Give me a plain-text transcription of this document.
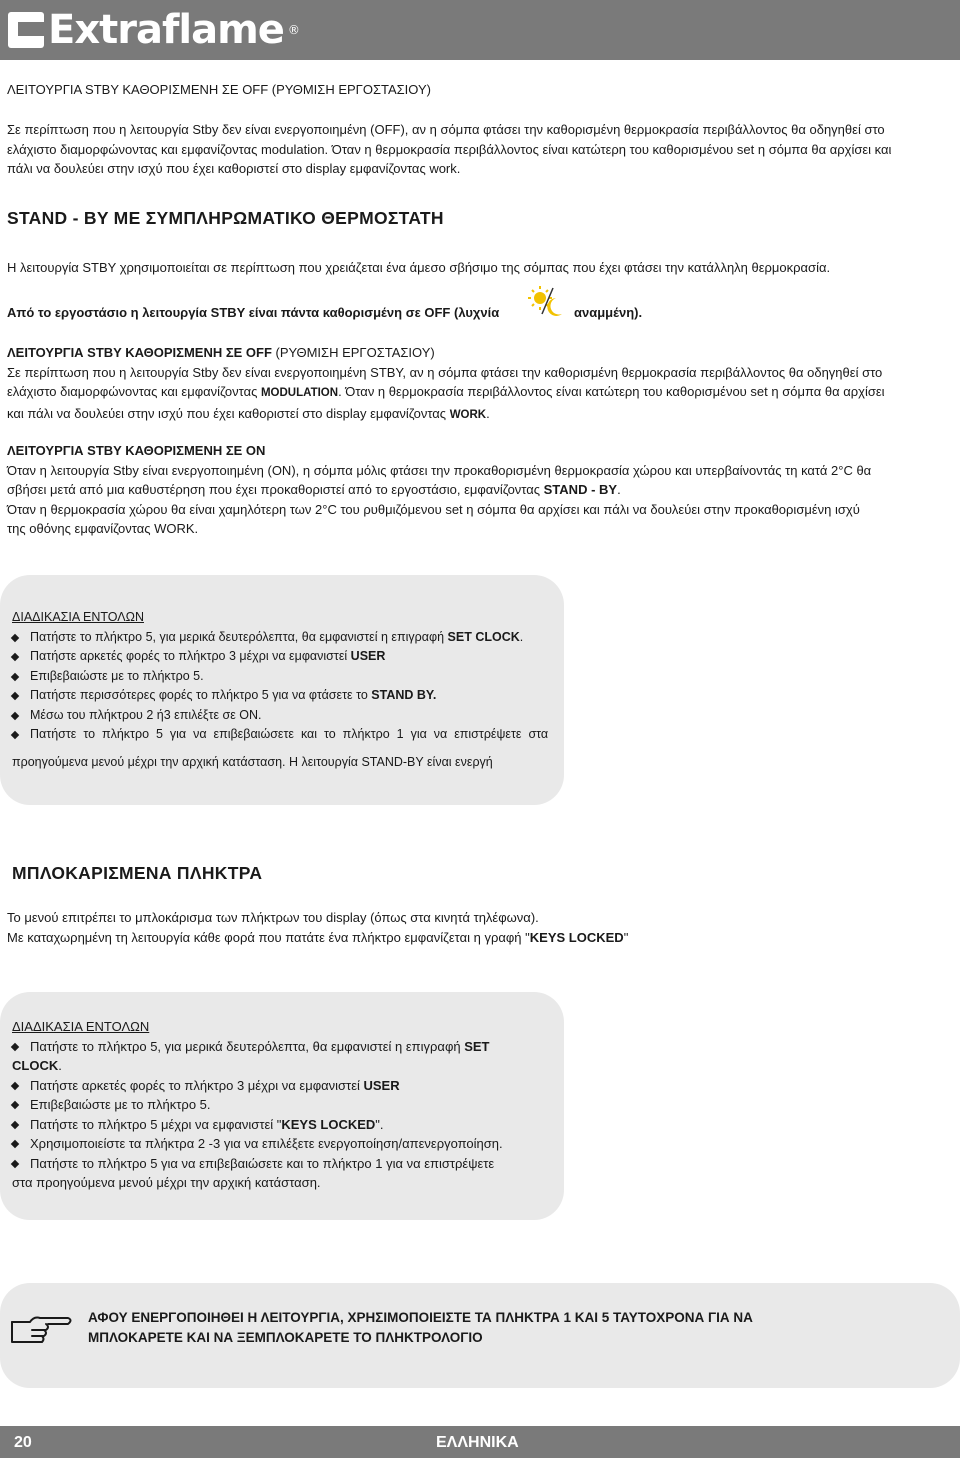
Extraflame ®
ΛΕΙΤΟΥΡΓΙΑ STBY ΚΑΘΟΡΙΣΜΕΝΗ ΣΕ OFF (ΡΥΘΜΙΣΗ ΕΡΓΟΣΤΑΣΙΟΥ)
Σε περίπτωση που η λειτουργία Stby δεν είναι ενεργοποιημένη (OFF), αν η σόμπα φτάσει την καθορισμένη θερμοκρασία περιβάλλοντος θα οδηγηθεί στο
ελάχιστο διαμορφώνοντας και εμφανίζοντας modulation. Όταν η θερμοκρασία περιβάλλοντος είναι κατώτερη του καθορισμένου set η σόμπα θα αρχίσει και
πάλι να δουλεύει στην ισχύ που έχει καθοριστεί στο display εμφανίζοντας work.
STAND - BY ΜΕ ΣΥΜΠΛΗΡΩΜΑΤΙΚΟ ΘΕΡΜΟΣΤΑΤΗ
Η λειτουργία STBY χρησιμοποιείται σε περίπτωση που χρειάζεται ένα άμεσο σβήσιμο της σόμπας που έχει φτάσει την κατάλληλη θερμοκρασία.
Από το εργοστάσιο η λειτουργία STBY είναι πάντα καθορισμένη σε OFF (λυχνία	αναμμένη).
ΛΕΙΤΟΥΡΓΙΑ STBY ΚΑΘΟΡΙΣΜΕΝΗ ΣΕ OFF (ΡΥΘΜΙΣΗ ΕΡΓΟΣΤΑΣΙΟΥ)
Σε περίπτωση που η λειτουργία Stby δεν είναι ενεργοποιημένη STBY, αν η σόμπα φτάσει την καθορισμένη θερμοκρασία περιβάλλοντος θα οδηγηθεί στο
ελάχιστο διαμορφώνοντας και εμφανίζοντας MODULATION. Όταν η θερμοκρασία περιβάλλοντος είναι κατώτερη του καθορισμένου set η σόμπα θα αρχίσει
και πάλι να δουλεύει στην ισχύ που έχει καθοριστεί στο display εμφανίζοντας WORK.
ΛΕΙΤΟΥΡΓΙΑ STBY ΚΑΘΟΡΙΣΜΕΝΗ ΣΕ ON
Όταν η λειτουργία Stby είναι ενεργοποιημένη (ON), η σόμπα μόλις φτάσει την προκαθορισμένη θερμοκρασία χώρου και υπερβαίνοντάς τη κατά 2°C θα
σβήσει μετά από μια καθυστέρηση που έχει προκαθοριστεί από το εργοστάσιο, εμφανίζοντας STAND - BY.
Όταν η θερμοκρασία χώρου θα είναι χαμηλότερη των 2°C του ρυθμιζόμενου set η σόμπα θα αρχίσει και πάλι να δουλεύει στην προκαθορισμένη ισχύ
της οθόνης εμφανίζοντας WORK.
ΔΙΑΔΙΚΑΣΙΑ ΕΝΤΟΛΩΝ
Πατήστε το πλήκτρο 5, για μερικά δευτερόλεπτα, θα εμφανιστεί η επιγραφή SET CLOCK.
Πατήστε αρκετές φορές το πλήκτρο 3 μέχρι να εμφανιστεί USER
Επιβεβαιώστε με το πλήκτρο 5.
Πατήστε περισσότερες φορές το πλήκτρο 5 για να φτάσετε το STAND BY.
Μέσω του πλήκτρου 2 ή3 επιλέξτε σε ON.
Πατήστε  το  πλήκτρο  5  για  να  επιβεβαιώσετε  και  το  πλήκτρο  1  για  να  επιστρέψετε  στα
προηγούμενα μενού μέχρι την αρχική κατάσταση. Η λειτουργία STAND-BY είναι ενεργή
ΜΠΛΟΚΑΡΙΣΜΕΝΑ ΠΛΗΚΤΡΑ
Το μενού επιτρέπει το μπλοκάρισμα των πλήκτρων του display (όπως στα κινητά τηλέφωνα).
Με καταχωρημένη τη λειτουργία κάθε φορά που πατάτε ένα πλήκτρο εμφανίζεται η γραφή "KEYS LOCKED"
ΔΙΑΔΙΚΑΣΙΑ ΕΝΤΟΛΩΝ
Πατήστε το πλήκτρο 5, για μερικά δευτερόλεπτα, θα εμφανιστεί η επιγραφή SET
CLOCK.
Πατήστε αρκετές φορές το πλήκτρο 3 μέχρι να εμφανιστεί USER
Επιβεβαιώστε με το πλήκτρο 5.
Πατήστε το πλήκτρο 5 μέχρι να εμφανιστεί "KEYS LOCKED".
Χρησιμοποιείστε τα πλήκτρα 2 -3 για να επιλέξετε ενεργοποίηση/απενεργοποίηση.
Πατήστε το πλήκτρο 5 για να επιβεβαιώσετε και το πλήκτρο 1 για να επιστρέψετε
στα προηγούμενα μενού μέχρι την αρχική κατάσταση.
ΑΦΟΥ ΕΝΕΡΓΟΠΟΙΗΘΕΙ Η ΛΕΙΤΟΥΡΓΙΑ, ΧΡΗΣΙΜΟΠΟΙΕΙΣΤΕ ΤΑ ΠΛΗΚΤΡΑ 1 ΚΑΙ 5 ΤΑΥΤΟΧΡΟΝΑ ΓΙΑ ΝΑ
ΜΠΛΟΚΑΡΕΤΕ ΚΑΙ ΝΑ ΞΕΜΠΛΟΚΑΡΕΤΕ ΤΟ ΠΛΗΚΤΡΟΛΟΓΙΟ
20	ΕΛΛΗΝΙΚΑ
